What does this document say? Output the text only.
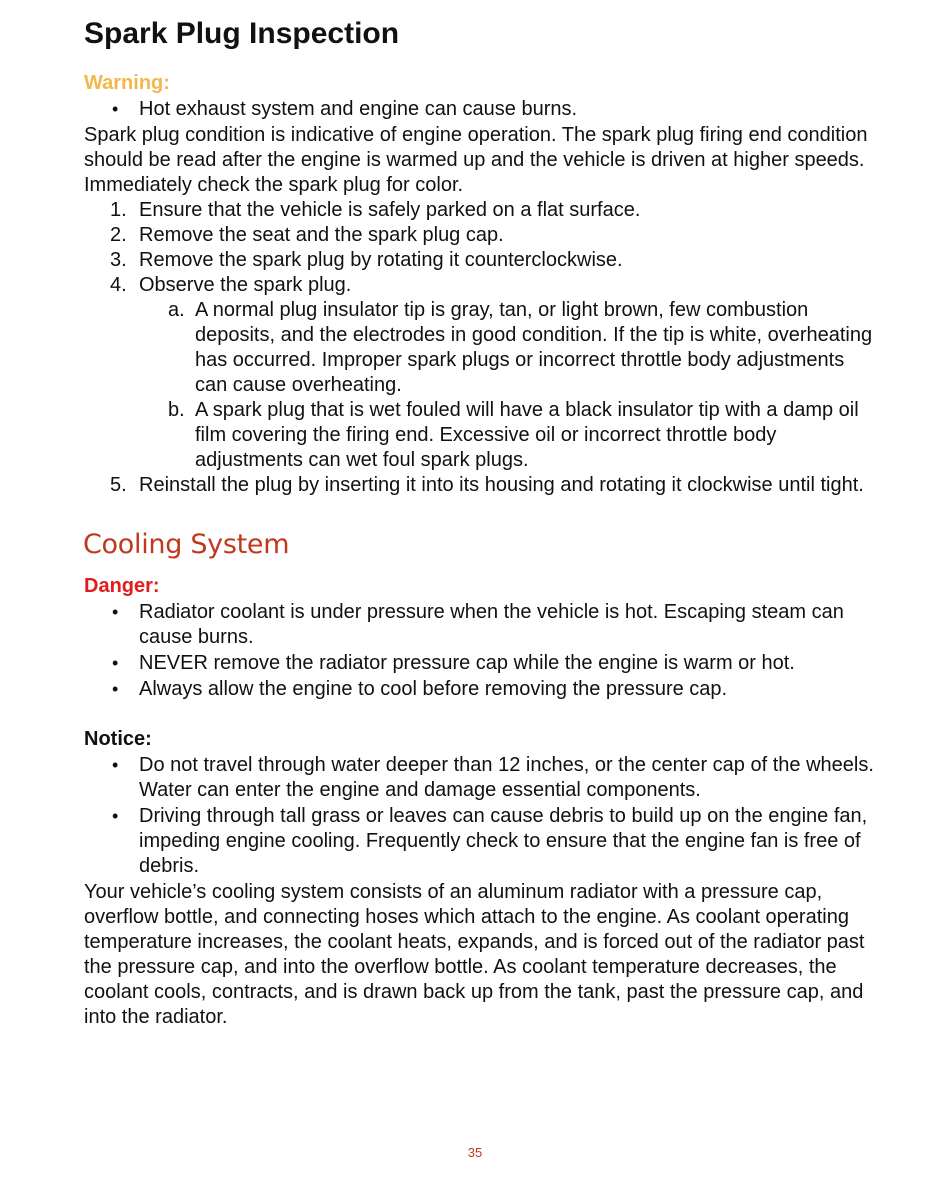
Spark Plug Inspection

Warning:

• Hot exhaust system and engine can cause burns.

Spark plug condition is indicative of engine operation. The spark plug firing end condition should be read after the engine is warmed up and the vehicle is driven at higher speeds. Immediately check the spark plug for color.

1. Ensure that the vehicle is safely parked on a flat surface.
2. Remove the seat and the spark plug cap.
3. Remove the spark plug by rotating it counterclockwise.
4. Observe the spark plug.
a. A normal plug insulator tip is gray, tan, or light brown, few combustion deposits, and the electrodes in good condition. If the tip is white, overheating has occurred. Improper spark plugs or incorrect throttle body adjustments can cause overheating.
b. A spark plug that is wet fouled will have a black insulator tip with a damp oil film covering the firing end. Excessive oil or incorrect throttle body adjustments can wet foul spark plugs.
5. Reinstall the plug by inserting it into its housing and rotating it clockwise until tight.
Cooling System

Danger:

• Radiator coolant is under pressure when the vehicle is hot. Escaping steam can cause burns.
• NEVER remove the radiator pressure cap while the engine is warm or hot.
• Always allow the engine to cool before removing the pressure cap.

Notice:

• Do not travel through water deeper than 12 inches, or the center cap of the wheels. Water can enter the engine and damage essential components.
• Driving through tall grass or leaves can cause debris to build up on the engine fan, impeding engine cooling. Frequently check to ensure that the engine fan is free of debris.

Your vehicle’s cooling system consists of an aluminum radiator with a pressure cap, overflow bottle, and connecting hoses which attach to the engine. As coolant operating temperature increases, the coolant heats, expands, and is forced out of the radiator past the pressure cap, and into the overflow bottle. As coolant temperature decreases, the coolant cools, contracts, and is drawn back up from the tank, past the pressure cap, and into the radiator.

35
